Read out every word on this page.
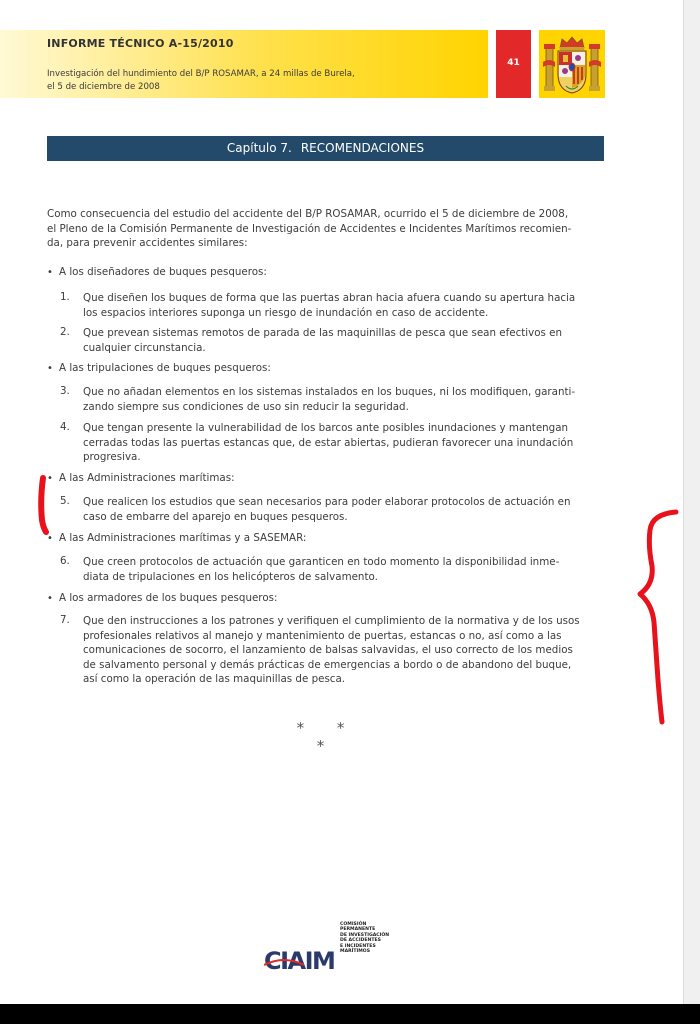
INFORME TÉCNICO A-15/2010
Investigación del hundimiento del B/P ROSAMAR, a 24 millas de Burela,
el 5 de diciembre de 2008
41
Capítulo 7. RECOMENDACIONES
Como consecuencia del estudio del accidente del B/P ROSAMAR, ocurrido el 5 de diciembre de 2008,
el Pleno de la Comisión Permanente de Investigación de Accidentes e Incidentes Marítimos recomien-
da, para prevenir accidentes similares:
• A los diseñadores de buques pesqueros:
1. Que diseñen los buques de forma que las puertas abran hacia afuera cuando su apertura hacia
los espacios interiores suponga un riesgo de inundación en caso de accidente.
2. Que prevean sistemas remotos de parada de las maquinillas de pesca que sean efectivos en
cualquier circunstancia.
• A las tripulaciones de buques pesqueros:
3. Que no añadan elementos en los sistemas instalados en los buques, ni los modifiquen, garanti-
zando siempre sus condiciones de uso sin reducir la seguridad.
4. Que tengan presente la vulnerabilidad de los barcos ante posibles inundaciones y mantengan
cerradas todas las puertas estancas que, de estar abiertas, pudieran favorecer una inundación
progresiva.
• A las Administraciones marítimas:
5. Que realicen los estudios que sean necesarios para poder elaborar protocolos de actuación en
caso de embarre del aparejo en buques pesqueros.
• A las Administraciones marítimas y a SASEMAR:
6. Que creen protocolos de actuación que garanticen en todo momento la disponibilidad inme-
diata de tripulaciones en los helicópteros de salvamento.
• A los armadores de los buques pesqueros:
7. Que den instrucciones a los patrones y verifiquen el cumplimiento de la normativa y de los usos
profesionales relativos al manejo y mantenimiento de puertas, estancas o no, así como a las
comunicaciones de socorro, el lanzamiento de balsas salvavidas, el uso correcto de los medios
de salvamento personal y demás prácticas de emergencias a bordo o de abandono del buque,
así como la operación de las maquinillas de pesca.
* * *
CIAIM
COMISIÓN
PERMANENTE
DE INVESTIGACIÓN
DE ACCIDENTES
E INCIDENTES
MARÍTIMOS
